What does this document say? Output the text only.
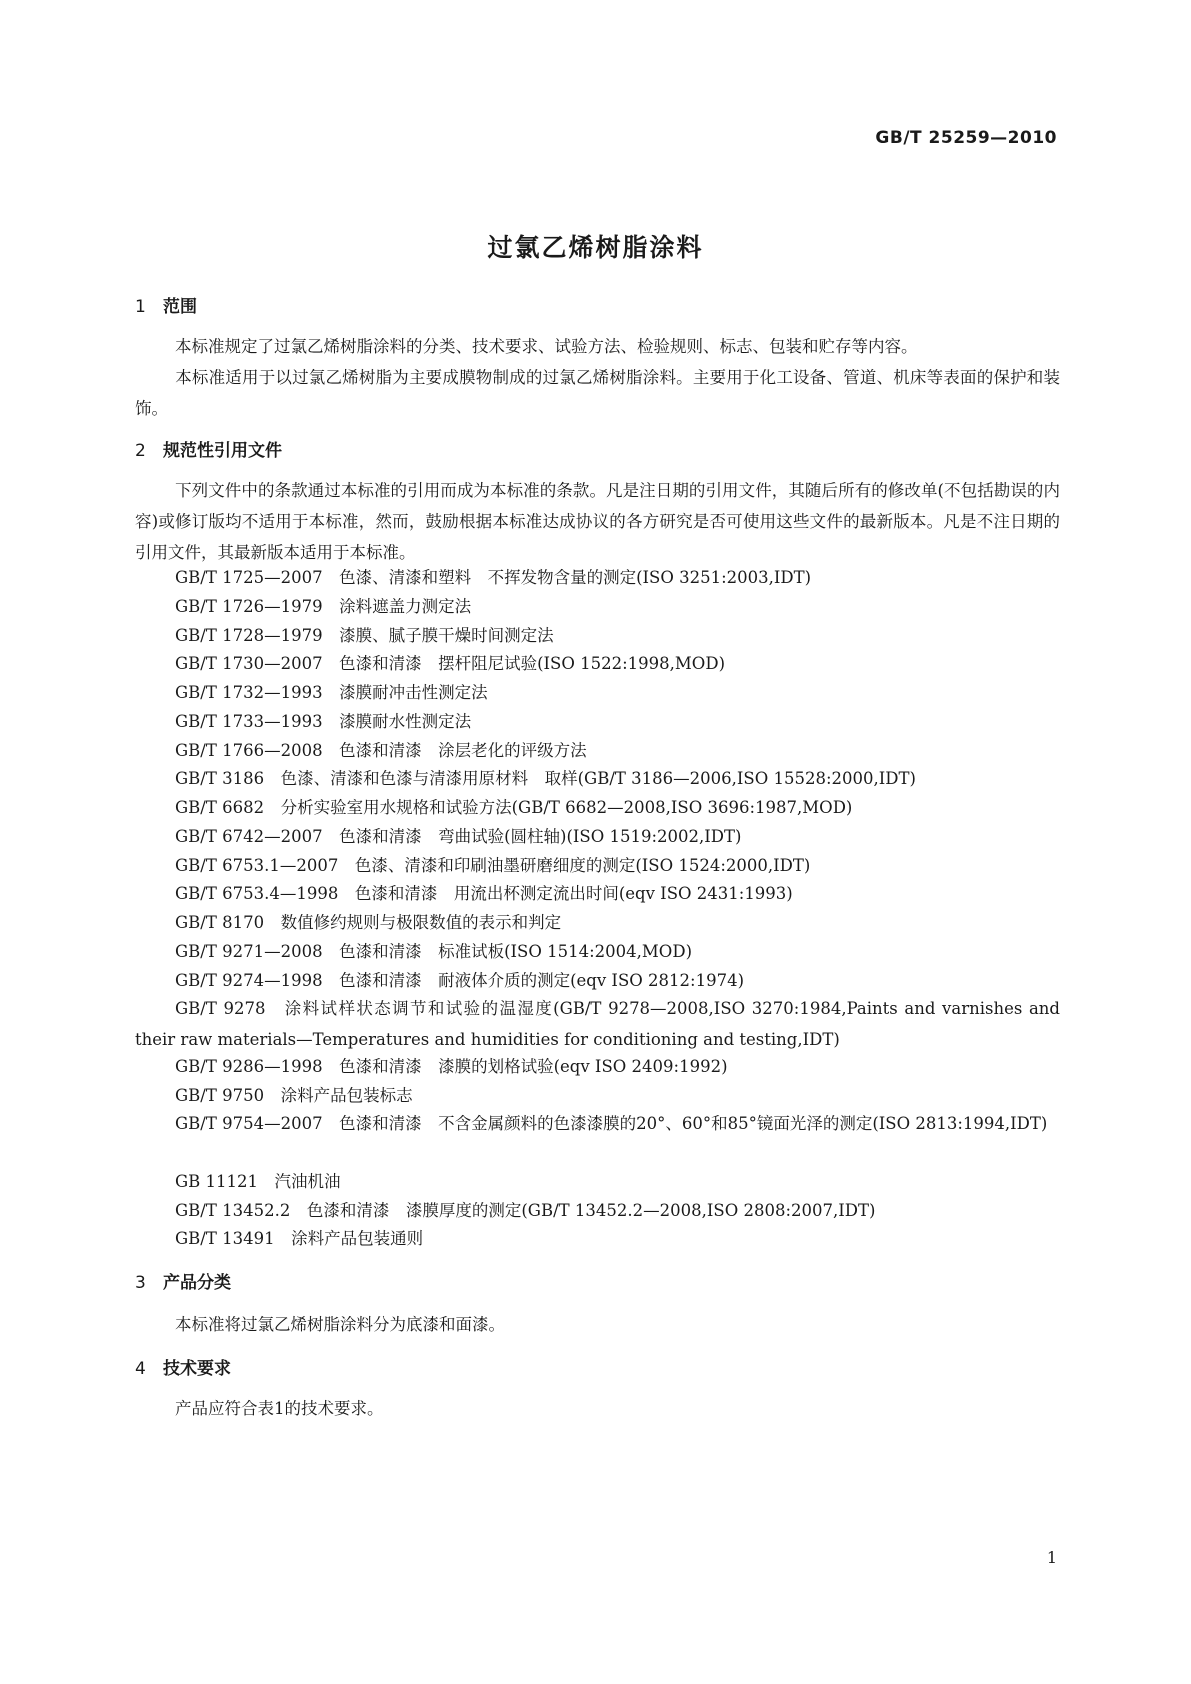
GB/T 25259—2010
过氯乙烯树脂涂料
1 范围
本标准规定了过氯乙烯树脂涂料的分类、技术要求、试验方法、检验规则、标志、包装和贮存等内容。
本标准适用于以过氯乙烯树脂为主要成膜物制成的过氯乙烯树脂涂料。主要用于化工设备、管道、机床等表面的保护和装饰。
2 规范性引用文件
下列文件中的条款通过本标准的引用而成为本标准的条款。凡是注日期的引用文件，其随后所有的修改单(不包括勘误的内容)或修订版均不适用于本标准，然而，鼓励根据本标准达成协议的各方研究是否可使用这些文件的最新版本。凡是不注日期的引用文件，其最新版本适用于本标准。
GB/T 1725—2007　色漆、清漆和塑料　不挥发物含量的测定(ISO 3251:2003,IDT)
GB/T 1726—1979　涂料遮盖力测定法
GB/T 1728—1979　漆膜、腻子膜干燥时间测定法
GB/T 1730—2007　色漆和清漆　摆杆阻尼试验(ISO 1522:1998,MOD)
GB/T 1732—1993　漆膜耐冲击性测定法
GB/T 1733—1993　漆膜耐水性测定法
GB/T 1766—2008　色漆和清漆　涂层老化的评级方法
GB/T 3186　色漆、清漆和色漆与清漆用原材料　取样(GB/T 3186—2006,ISO 15528:2000,IDT)
GB/T 6682　分析实验室用水规格和试验方法(GB/T 6682—2008,ISO 3696:1987,MOD)
GB/T 6742—2007　色漆和清漆　弯曲试验(圆柱轴)(ISO 1519:2002,IDT)
GB/T 6753.1—2007　色漆、清漆和印刷油墨研磨细度的测定(ISO 1524:2000,IDT)
GB/T 6753.4—1998　色漆和清漆　用流出杯测定流出时间(eqv ISO 2431:1993)
GB/T 8170　数值修约规则与极限数值的表示和判定
GB/T 9271—2008　色漆和清漆　标准试板(ISO 1514:2004,MOD)
GB/T 9274—1998　色漆和清漆　耐液体介质的测定(eqv ISO 2812:1974)
GB/T 9278　涂料试样状态调节和试验的温湿度(GB/T 9278—2008,ISO 3270:1984,Paints and varnishes and their raw materials—Temperatures and humidities for conditioning and testing,IDT)
GB/T 9286—1998　色漆和清漆　漆膜的划格试验(eqv ISO 2409:1992)
GB/T 9750　涂料产品包装标志
GB/T 9754—2007　色漆和清漆　不含金属颜料的色漆漆膜的20°、60°和85°镜面光泽的测定(ISO 2813:1994,IDT)
GB 11121　汽油机油
GB/T 13452.2　色漆和清漆　漆膜厚度的测定(GB/T 13452.2—2008,ISO 2808:2007,IDT)
GB/T 13491　涂料产品包装通则
3 产品分类
本标准将过氯乙烯树脂涂料分为底漆和面漆。
4 技术要求
产品应符合表1的技术要求。
1
